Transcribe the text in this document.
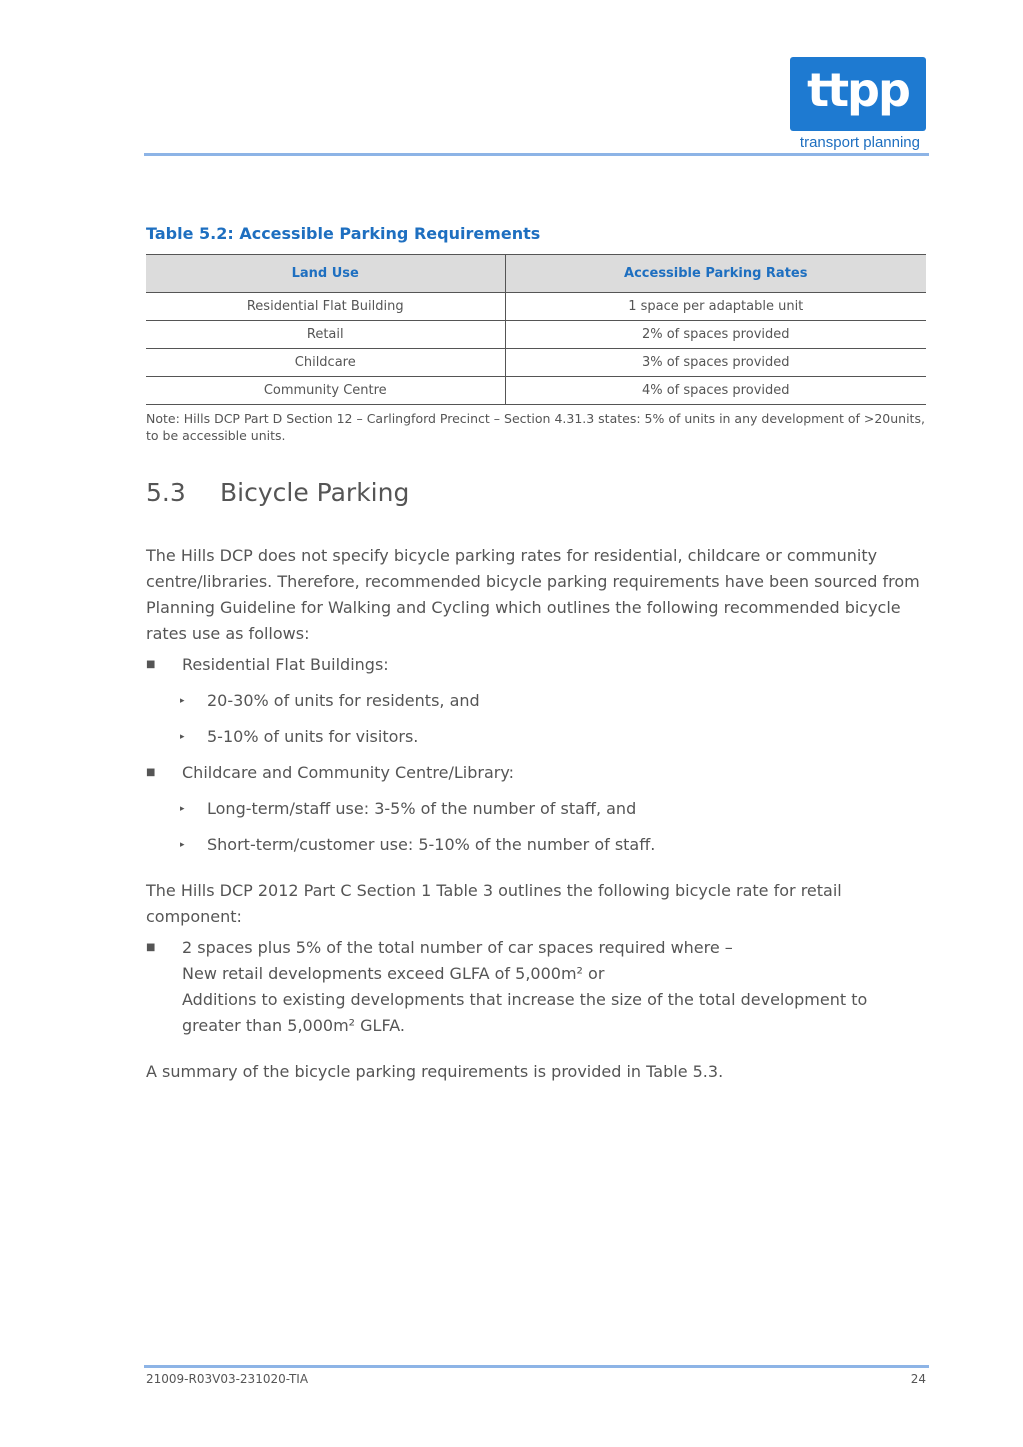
ttpp
transport planning
Table 5.2: Accessible Parking Requirements
Land Use	Accessible Parking Rates
Residential Flat Building	1 space per adaptable unit
Retail	2% of spaces provided
Childcare	3% of spaces provided
Community Centre	4% of spaces provided
Note: Hills DCP Part D Section 12 – Carlingford Precinct – Section 4.31.3 states: 5% of units in any development of >20units, to be accessible units.
5.3 Bicycle Parking
The Hills DCP does not specify bicycle parking rates for residential, childcare or community centre/libraries. Therefore, recommended bicycle parking requirements have been sourced from Planning Guideline for Walking and Cycling which outlines the following recommended bicycle rates use as follows:
■ Residential Flat Buildings:
▸ 20-30% of units for residents, and
▸ 5-10% of units for visitors.
■ Childcare and Community Centre/Library:
▸ Long-term/staff use: 3-5% of the number of staff, and
▸ Short-term/customer use: 5-10% of the number of staff.
The Hills DCP 2012 Part C Section 1 Table 3 outlines the following bicycle rate for retail component:
■ 2 spaces plus 5% of the total number of car spaces required where –
New retail developments exceed GLFA of 5,000m² or
Additions to existing developments that increase the size of the total development to greater than 5,000m² GLFA.
A summary of the bicycle parking requirements is provided in Table 5.3.
21009-R03V03-231020-TIA	24
